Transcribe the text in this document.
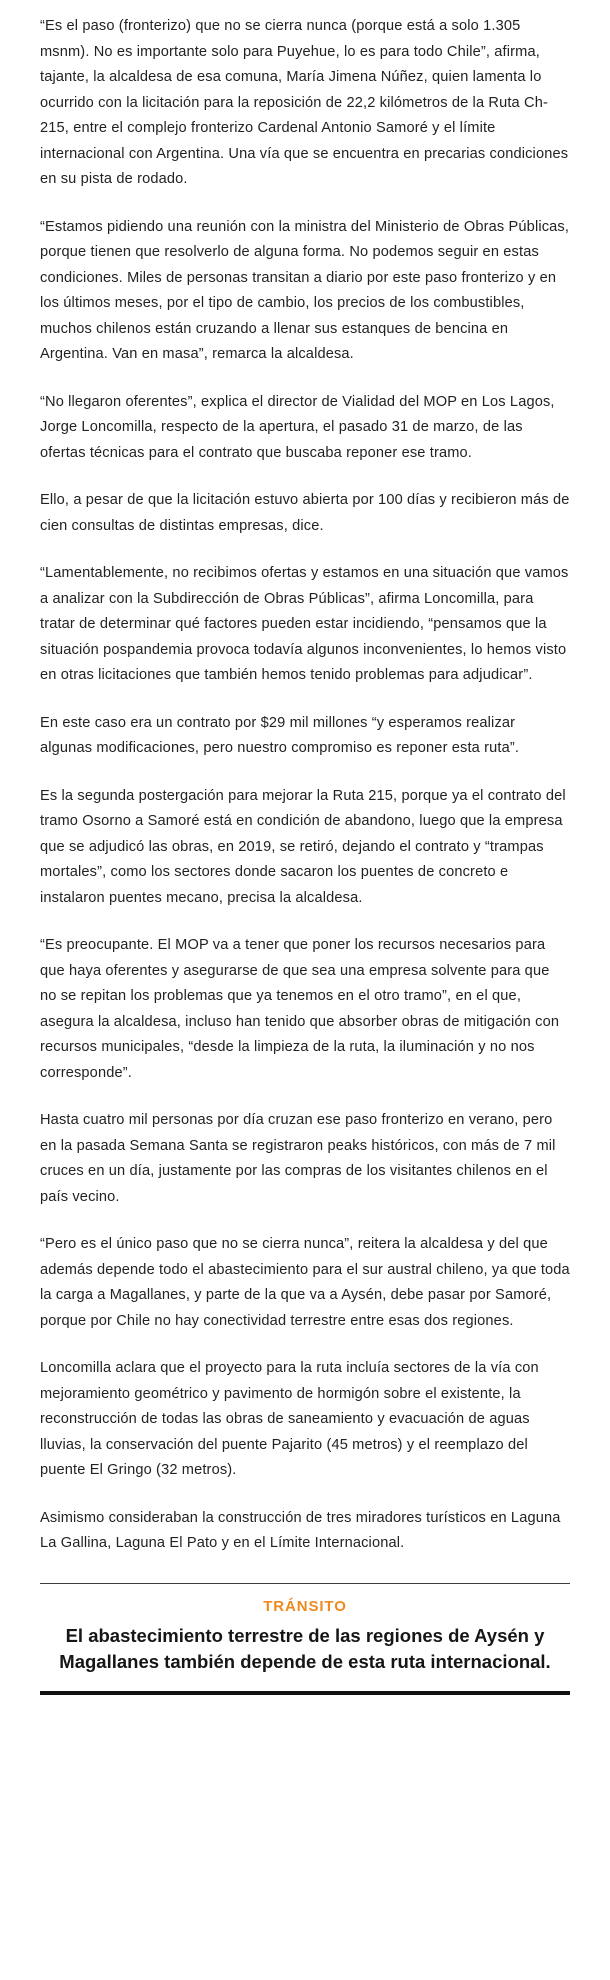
“Es el paso (fronterizo) que no se cierra nunca (porque está a solo 1.305 msnm). No es importante solo para Puyehue, lo es para todo Chile”, afirma, tajante, la alcaldesa de esa comuna, María Jimena Núñez, quien lamenta lo ocurrido con la licitación para la reposición de 22,2 kilómetros de la Ruta Ch-215, entre el complejo fronterizo Cardenal Antonio Samoré y el límite internacional con Argentina. Una vía que se encuentra en precarias condiciones en su pista de rodado.

“Estamos pidiendo una reunión con la ministra del Ministerio de Obras Públicas, porque tienen que resolverlo de alguna forma. No podemos seguir en estas condiciones. Miles de personas transitan a diario por este paso fronterizo y en los últimos meses, por el tipo de cambio, los precios de los combustibles, muchos chilenos están cruzando a llenar sus estanques de bencina en Argentina. Van en masa”, remarca la alcaldesa.

“No llegaron oferentes”, explica el director de Vialidad del MOP en Los Lagos, Jorge Loncomilla, respecto de la apertura, el pasado 31 de marzo, de las ofertas técnicas para el contrato que buscaba reponer ese tramo.

Ello, a pesar de que la licitación estuvo abierta por 100 días y recibieron más de cien consultas de distintas empresas, dice.

“Lamentablemente, no recibimos ofertas y estamos en una situación que vamos a analizar con la Subdirección de Obras Públicas”, afirma Loncomilla, para tratar de determinar qué factores pueden estar incidiendo, “pensamos que la situación pospandemia provoca todavía algunos inconvenientes, lo hemos visto en otras licitaciones que también hemos tenido problemas para adjudicar”.

En este caso era un contrato por $29 mil millones “y esperamos realizar algunas modificaciones, pero nuestro compromiso es reponer esta ruta”.

Es la segunda postergación para mejorar la Ruta 215, porque ya el contrato del tramo Osorno a Samoré está en condición de abandono, luego que la empresa que se adjudicó las obras, en 2019, se retiró, dejando el contrato y “trampas mortales”, como los sectores donde sacaron los puentes de concreto e instalaron puentes mecano, precisa la alcaldesa.

“Es preocupante. El MOP va a tener que poner los recursos necesarios para que haya oferentes y asegurarse de que sea una empresa solvente para que no se repitan los problemas que ya tenemos en el otro tramo”, en el que, asegura la alcaldesa, incluso han tenido que absorber obras de mitigación con recursos municipales, “desde la limpieza de la ruta, la iluminación y no nos corresponde”.

Hasta cuatro mil personas por día cruzan ese paso fronterizo en verano, pero en la pasada Semana Santa se registraron peaks históricos, con más de 7 mil cruces en un día, justamente por las compras de los visitantes chilenos en el país vecino.

“Pero es el único paso que no se cierra nunca”, reitera la alcaldesa y del que además depende todo el abastecimiento para el sur austral chileno, ya que toda la carga a Magallanes, y parte de la que va a Aysén, debe pasar por Samoré, porque por Chile no hay conectividad terrestre entre esas dos regiones.

Loncomilla aclara que el proyecto para la ruta incluía sectores de la vía con mejoramiento geométrico y pavimento de hormigón sobre el existente, la reconstrucción de todas las obras de saneamiento y evacuación de aguas lluvias, la conservación del puente Pajarito (45 metros) y el reemplazo del puente El Gringo (32 metros).

Asimismo consideraban la construcción de tres miradores turísticos en Laguna La Gallina, Laguna El Pato y en el Límite Internacional.

TRÁNSITO
El abastecimiento terrestre de las regiones de Aysén y Magallanes también depende de esta ruta internacional.
